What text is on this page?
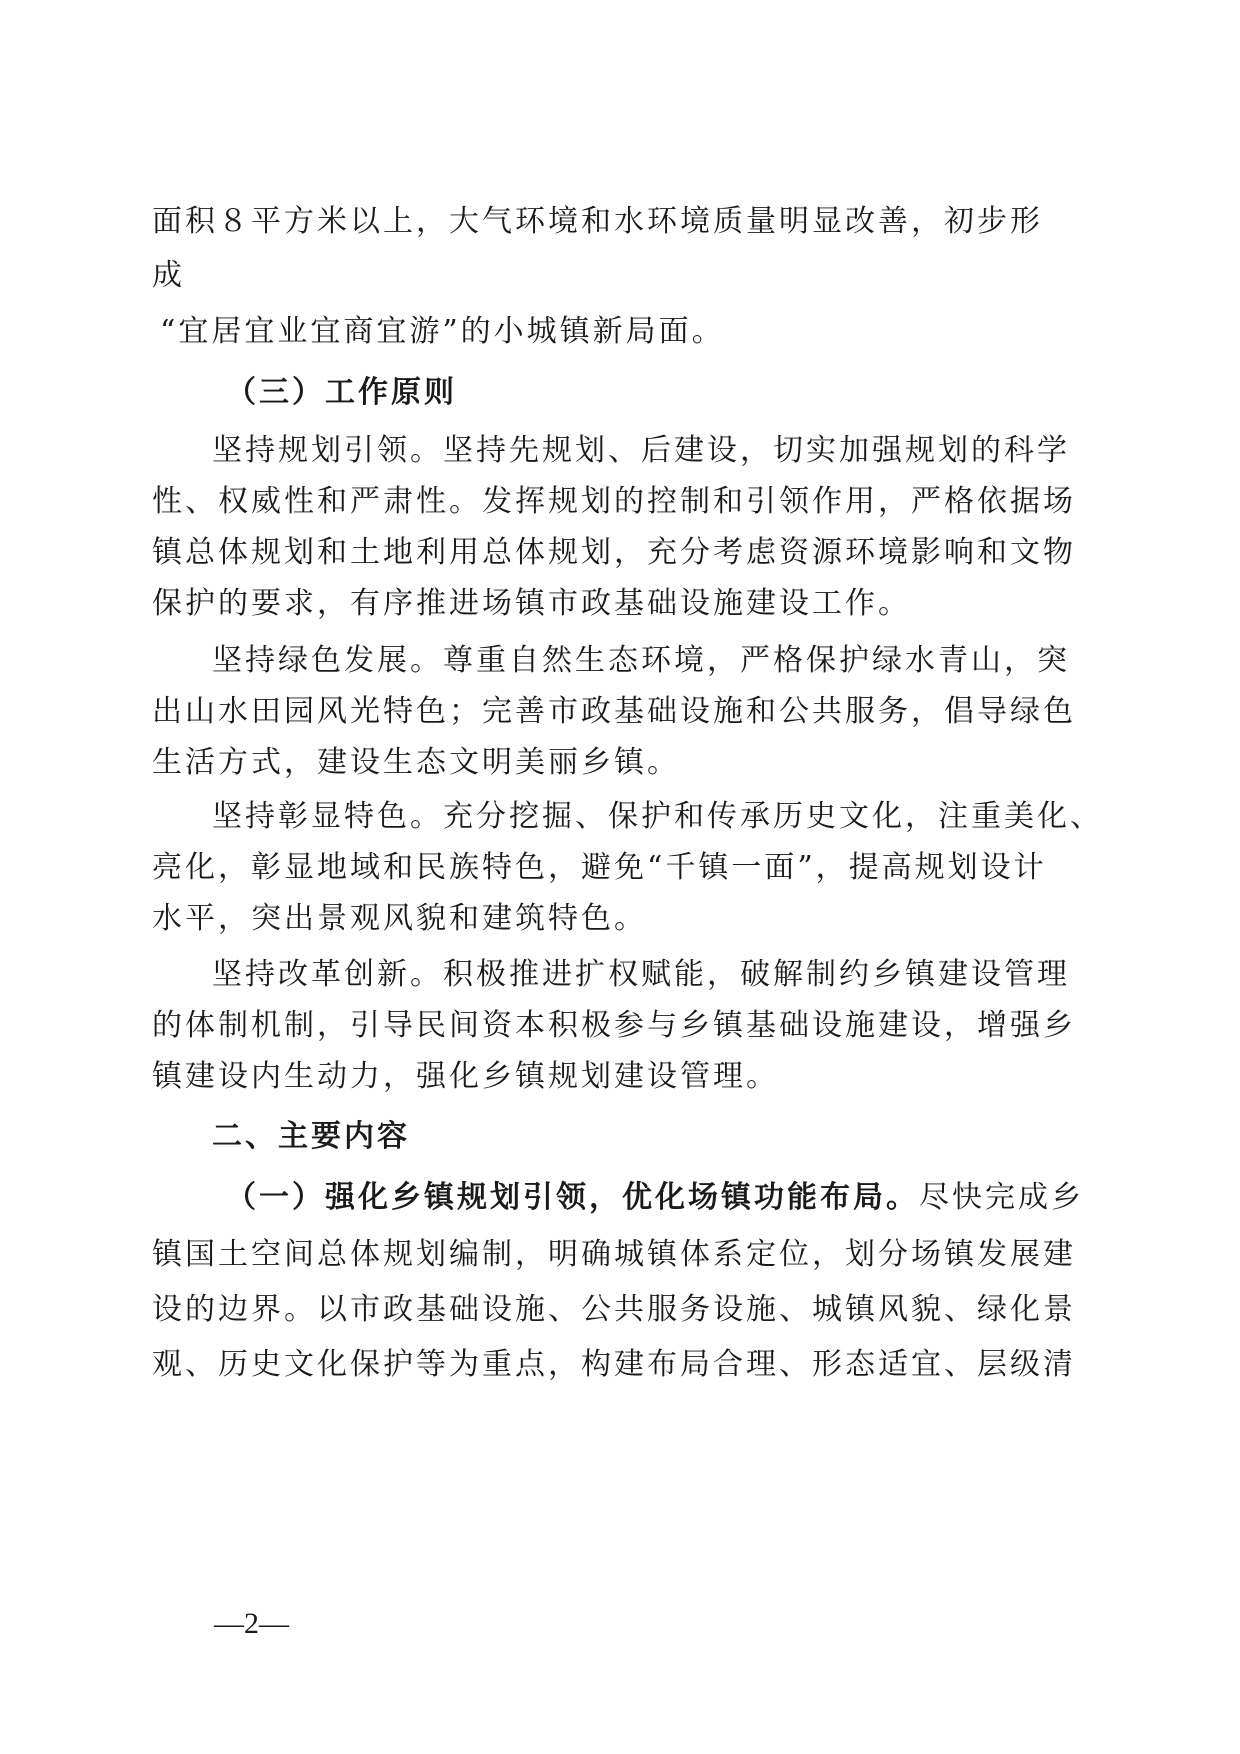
面积８平方米以上，大气环境和水环境质量明显改善，初步形

成

“宜居宜业宜商宜游”的小城镇新局面。

（三）工作原则

坚持规划引领。坚持先规划、后建设，切实加强规划的科学

性、权威性和严肃性。发挥规划的控制和引领作用，严格依据场

镇总体规划和土地利用总体规划，充分考虑资源环境影响和文物

保护的要求，有序推进场镇市政基础设施建设工作。

坚持绿色发展。尊重自然生态环境，严格保护绿水青山，突

出山水田园风光特色；完善市政基础设施和公共服务，倡导绿色

生活方式，建设生态文明美丽乡镇。

坚持彰显特色。充分挖掘、保护和传承历史文化，注重美化、

亮化，彰显地域和民族特色，避免“千镇一面”，提高规划设计

水平，突出景观风貌和建筑特色。

坚持改革创新。积极推进扩权赋能，破解制约乡镇建设管理

的体制机制，引导民间资本积极参与乡镇基础设施建设，增强乡

镇建设内生动力，强化乡镇规划建设管理。

二、主要内容

（一）强化乡镇规划引领，优化场镇功能布局。尽快完成乡

镇国土空间总体规划编制，明确城镇体系定位，划分场镇发展建

设的边界。以市政基础设施、公共服务设施、城镇风貌、绿化景

观、历史文化保护等为重点，构建布局合理、形态适宜、层级清

—2—
